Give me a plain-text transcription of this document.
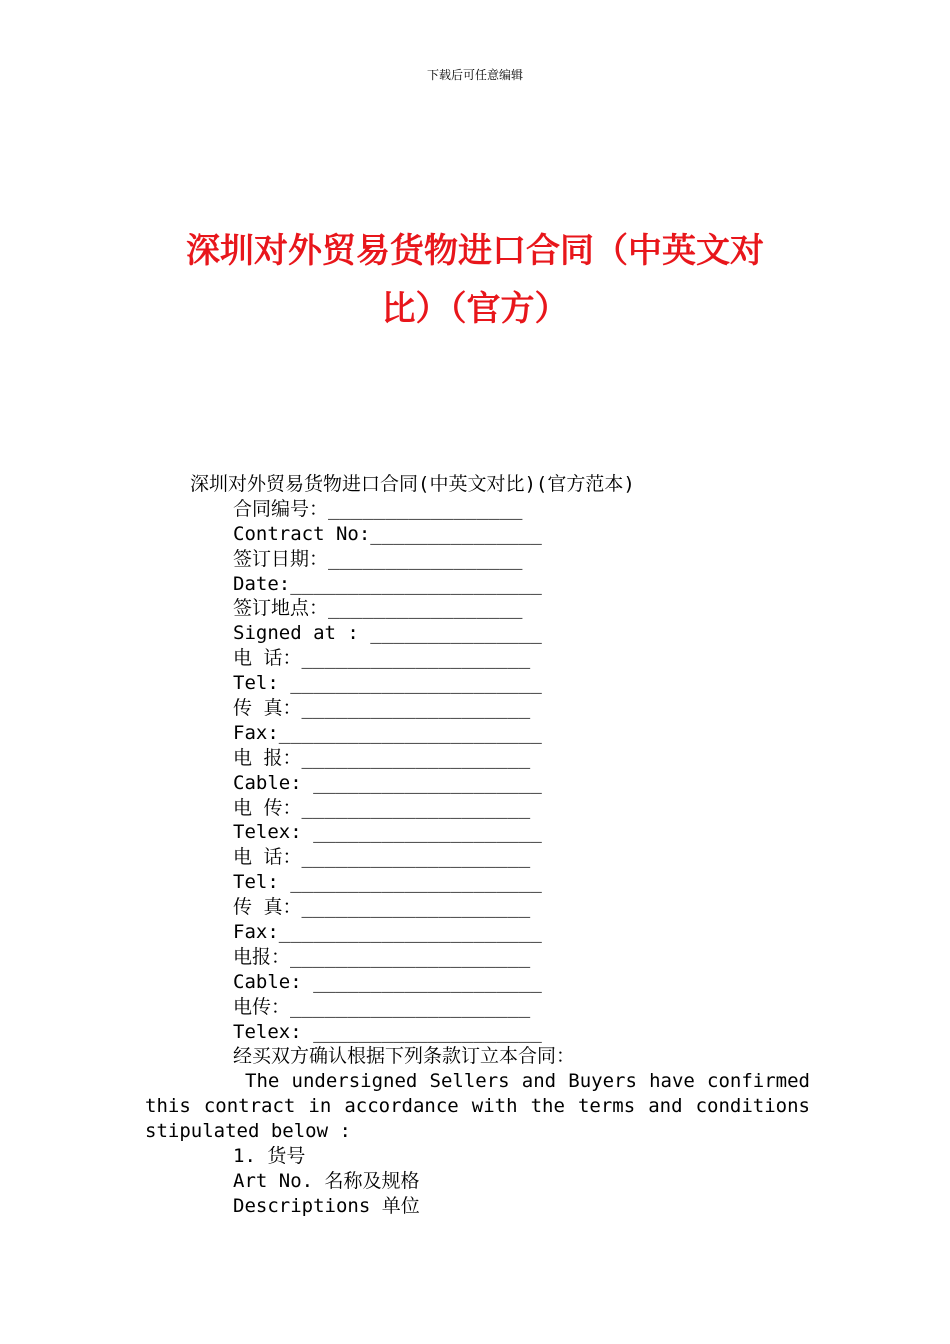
下载后可任意编辑
深圳对外贸易货物进口合同（中英文对
比）（官方）
深圳对外贸易货物进口合同(中英文对比)(官方范本)
合同编号：_________________
Contract No:_______________
签订日期：_________________
Date:______________________
签订地点：_________________
Signed at : _______________
电 话：____________________
Tel: ______________________
传 真：____________________
Fax:_______________________
电 报：____________________
Cable: ____________________
电 传：____________________
Telex: ____________________
电 话：____________________
Tel: ______________________
传 真：____________________
Fax:_______________________
电报：_____________________
Cable: ____________________
电传：_____________________
Telex: ____________________
经买双方确认根据下列条款订立本合同：
The undersigned Sellers and Buyers have confirmed this contract in accordance with the terms and conditions stipulated below :
1. 货号
Art No. 名称及规格
Descriptions 单位
